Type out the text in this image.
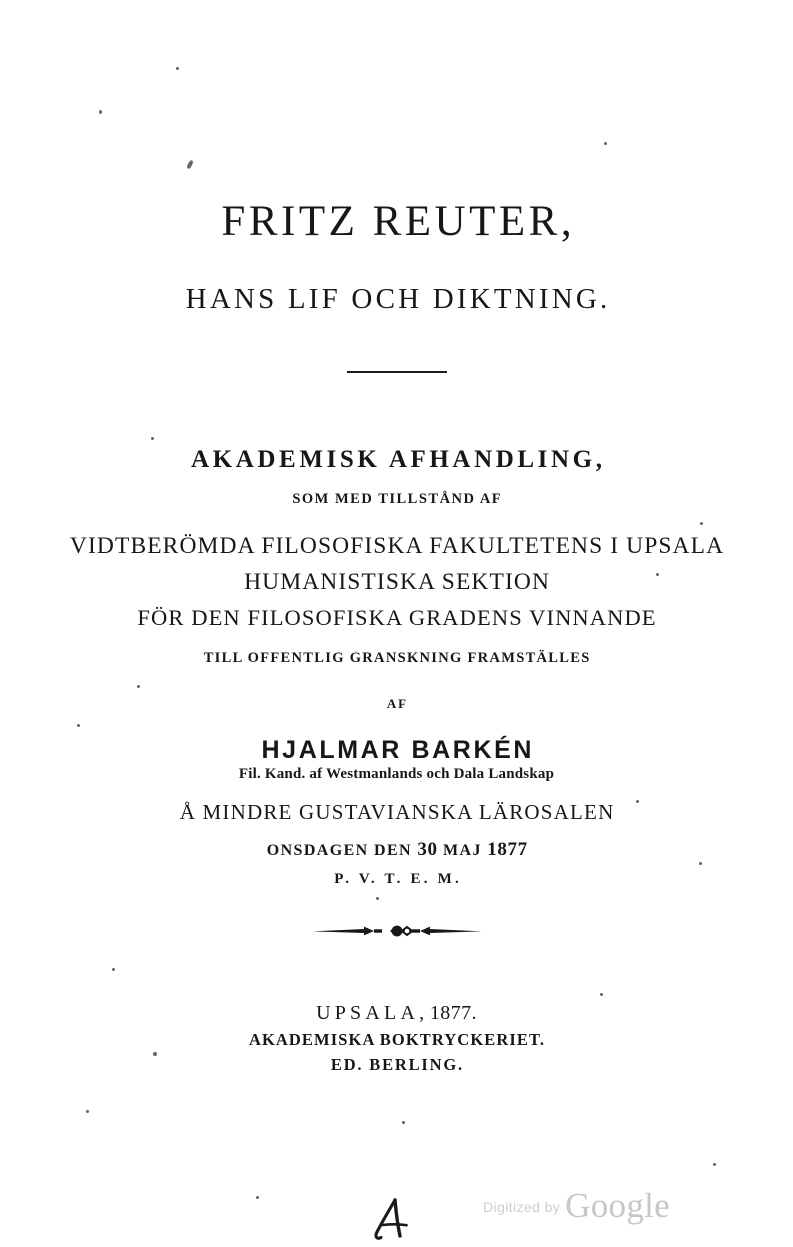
FRITZ REUTER,
HANS LIF OCH DIKTNING.
AKADEMISK AFHANDLING,
SOM MED TILLSTÅND AF
VIDTBERÖMDA FILOSOFISKA FAKULTETENS I UPSALA
HUMANISTISKA SEKTION
FÖR DEN FILOSOFISKA GRADENS VINNANDE
TILL OFFENTLIG GRANSKNING FRAMSTÄLLES
AF
HJALMAR BARKÉN
Fil. Kand. af Westmanlands och Dala Landskap
Å MINDRE GUSTAVIANSKA LÄROSALEN
ONSDAGEN DEN 30 MAJ 1877
P. V. T. E. M.
UPSALA, 1877.
AKADEMISKA BOKTRYCKERIET.
ED. BERLING.
Digitized by Google
